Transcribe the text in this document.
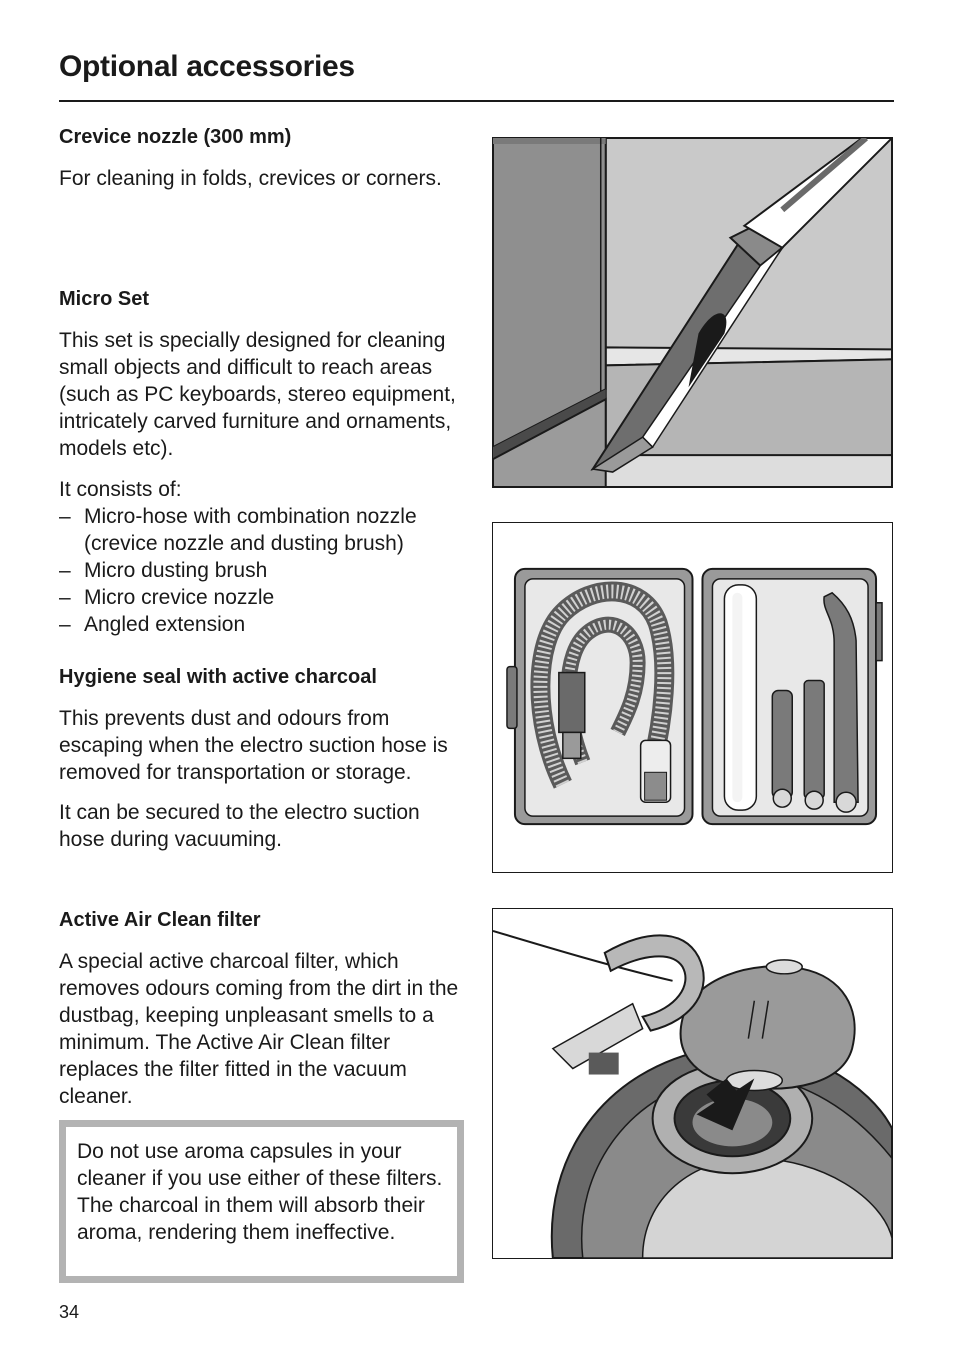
Optional accessories
Crevice nozzle (300 mm)

For cleaning in folds, crevices or corners.

Micro Set

This set is specially designed for cleaning small objects and difficult to reach areas (such as PC keyboards, stereo equipment, intricately carved furniture and ornaments, models etc).

It consists of:

– Micro-hose with combination nozzle (crevice nozzle and dusting brush)
– Micro dusting brush
– Micro crevice nozzle
– Angled extension
Hygiene seal with active charcoal

This prevents dust and odours from escaping when the electro suction hose is removed for transportation or storage.

It can be secured to the electro suction hose during vacuuming.

Active Air Clean filter

A special active charcoal filter, which removes odours coming from the dirt in the dustbag, keeping unpleasant smells to a minimum. The Active Air Clean filter replaces the filter fitted in the vacuum cleaner.

Do not use aroma capsules in your cleaner if you use either of these filters. The charcoal in them will absorb their aroma, rendering them ineffective.

34
